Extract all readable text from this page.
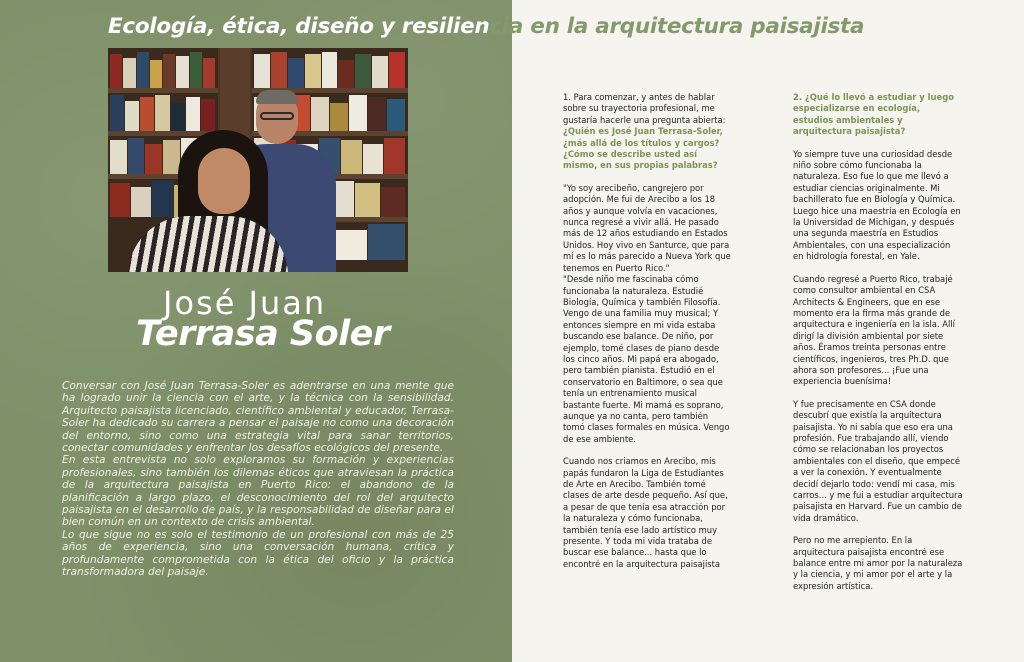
Ecología, ética, diseño y resiliencia en la arquitectura paisajista
José Juan
Terrasa Soler

Conversar con José Juan Terrasa-Soler es adentrarse en una mente que ha logrado unir la ciencia con el arte, y la técnica con la sensibilidad. Arquitecto paisajista licenciado, científico ambiental y educador, Terrasa-Soler ha dedicado su carrera a pensar el paisaje no como una decoración del entorno, sino como una estrategia vital para sanar territorios, conectar comunidades y enfrentar los desafíos ecológicos del presente.

En esta entrevista no solo exploramos su formación y experiencias profesionales, sino también los dilemas éticos que atraviesan la práctica de la arquitectura paisajista en Puerto Rico: el abandono de la planificación a largo plazo, el desconocimiento del rol del arquitecto paisajista en el desarrollo de país, y la responsabilidad de diseñar para el bien común en un contexto de crisis ambiental.

Lo que sigue no es solo el testimonio de un profesional con más de 25 años de experiencia, sino una conversación humana, crítica y profundamente comprometida con la ética del oficio y la práctica transformadora del paisaje.

1. Para comenzar, y antes de hablar sobre su trayectoria profesional, me gustaría hacerle una pregunta abierta:

¿Quién es José Juan Terrasa-Soler, ¿más allá de los títulos y cargos? ¿Cómo se describe usted así mismo, en sus propias palabras?

"Yo soy arecibeño, cangrejero por adopción. Me fui de Arecibo a los 18 años y aunque volvía en vacaciones, nunca regresé a vivir allá. He pasado más de 12 años estudiando en Estados Unidos. Hoy vivo en Santurce, que para mí es lo más parecido a Nueva York que tenemos en Puerto Rico."

"Desde niño me fascinaba cómo funcionaba la naturaleza. Estudié Biología, Química y también Filosofía. Vengo de una familia muy musical; Y entonces siempre en mi vida estaba buscando ese balance. De niño, por ejemplo, tomé clases de piano desde los cinco años. Mi papá era abogado, pero también pianista. Estudió en el conservatorio en Baltimore, o sea que tenía un entrenamiento musical bastante fuerte. Mi mamá es soprano, aunque ya no canta, pero también tomó clases formales en música. Vengo de ese ambiente.

Cuando nos criamos en Arecibo, mis papás fundaron la Liga de Estudiantes de Arte en Arecibo. También tomé clases de arte desde pequeño. Así que, a pesar de que tenía esa atracción por la naturaleza y cómo funcionaba, también tenía ese lado artístico muy presente. Y toda mi vida trataba de buscar ese balance... hasta que lo encontré en la arquitectura paisajista

2. ¿Qué lo llevó a estudiar y luego especializarse en ecología, estudios ambientales y arquitectura paisajista?

Yo siempre tuve una curiosidad desde niño sobre cómo funcionaba la naturaleza. Eso fue lo que me llevó a estudiar ciencias originalmente. Mi bachillerato fue en Biología y Química. Luego hice una maestría en Ecología en la Universidad de Michigan, y después una segunda maestría en Estudios Ambientales, con una especialización en hidrología forestal, en Yale.

Cuando regresé a Puerto Rico, trabajé como consultor ambiental en CSA Architects & Engineers, que en ese momento era la firma más grande de arquitectura e ingeniería en la isla. Allí dirigí la división ambiental por siete años. Éramos treinta personas entre científicos, ingenieros, tres Ph.D. que ahora son profesores... ¡Fue una experiencia buenísima!

Y fue precisamente en CSA donde descubrí que existía la arquitectura paisajista. Yo ni sabía que eso era una profesión. Fue trabajando allí, viendo cómo se relacionaban los proyectos ambientales con el diseño, que empecé a ver la conexión. Y eventualmente decidí dejarlo todo: vendí mi casa, mis carros... y me fui a estudiar arquitectura paisajista en Harvard. Fue un cambio de vida dramático.

Pero no me arrepiento. En la arquitectura paisajista encontré ese balance entre mi amor por la naturaleza y la ciencia, y mi amor por el arte y la expresión artística.
